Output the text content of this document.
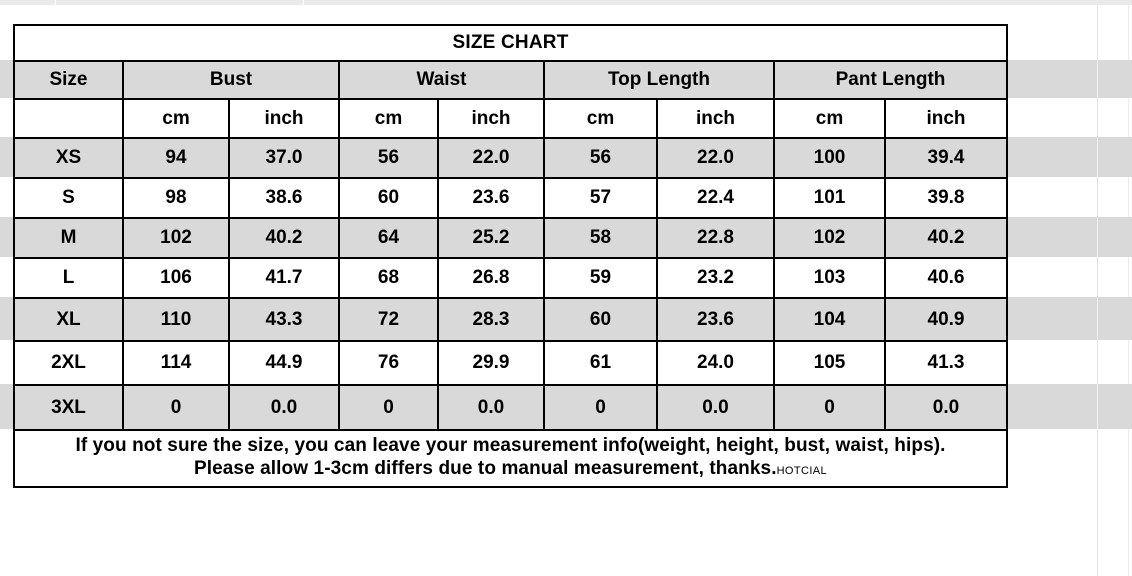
SIZE CHART								
Size	Bust		Waist		Top Length		Pant Length	
	cm	inch	cm	inch	cm	inch	cm	inch
XS	94	37.0	56	22.0	56	22.0	100	39.4
S	98	38.6	60	23.6	57	22.4	101	39.8
M	102	40.2	64	25.2	58	22.8	102	40.2
L	106	41.7	68	26.8	59	23.2	103	40.6
XL	110	43.3	72	28.3	60	23.6	104	40.9
2XL	114	44.9	76	29.9	61	24.0	105	41.3
3XL	0	0.0	0	0.0	0	0.0	0	0.0

If you not sure the size, you can leave your measurement info(weight, height, bust, waist, hips).
Please allow 1-3cm differs due to manual measurement, thanks.HOTCIAL								
